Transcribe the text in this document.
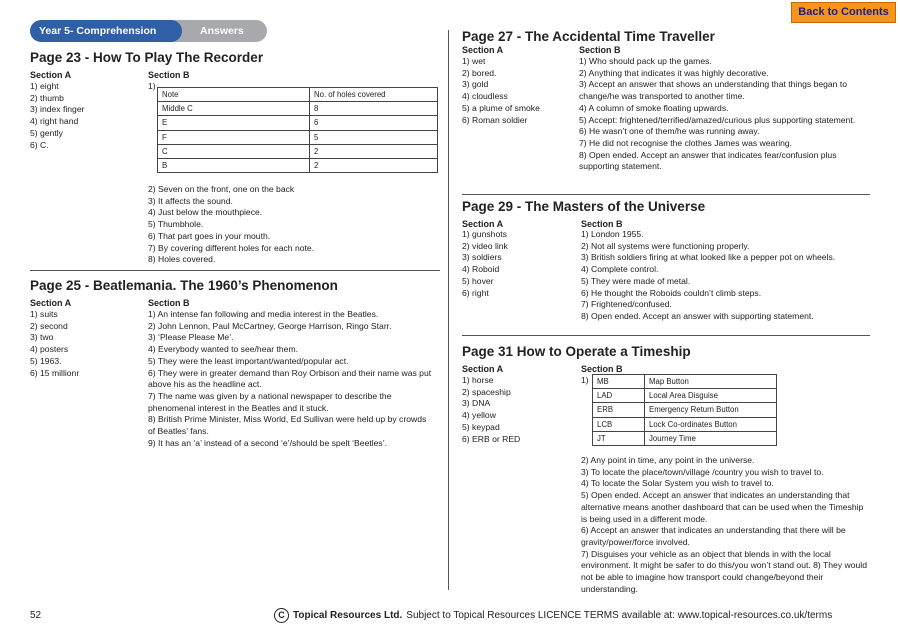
Year 5- Comprehension	Answers
Back to Contents
Page 23 - How To Play The Recorder
Section A	Section B
1) eight
2) thumb
3) index finger
4) right hand
5) gently
6) C.
1)
Note	No. of holes covered
Middle C	8
E	6
F	5
C	2
B	2
2) Seven on the front, one on the back
3) It affects the sound.
4) Just below the mouthpiece.
5) Thumbhole.
6) That part goes in your mouth.
7) By covering different holes for each note.
8) Holes covered.
Page 25 - Beatlemania. The 1960’s Phenomenon
Section A	Section B
1) suits
2) second
3) two
4) posters
5) 1963.
6) 15 millionr
1) An intense fan following and media interest in the Beatles.
2) John Lennon, Paul McCartney, George Harrison, Ringo Starr.
3) ‘Please Please Me’.
4) Everybody wanted to see/hear them.
5) They were the least important/wanted/popular act.
6) They were in greater demand than Roy Orbison and their name was put above his as the headline act.
7) The name was given by a national newspaper to describe the phenomenal interest in the Beatles and it stuck.
8) British Prime Minister, Miss World, Ed Sullivan were held up by crowds of Beatles’ fans.
9) It has an ‘a’ instead of a second ‘e’/should be spelt ‘Beetles’.
Page 27 - The Accidental Time Traveller
Section A	Section B
1) wet
2) bored.
3) gold
4) cloudless
5) a plume of smoke
6) Roman soldier
1) Who should pack up the games.
2) Anything that indicates it was highly decorative.
3) Accept an answer that shows an understanding that things began to change/he was transported to another time.
4) A column of smoke floating upwards.
5) Accept: frightened/terrified/amazed/curious plus supporting statement.
6) He wasn’t one of them/he was running away.
7) He did not recognise the clothes James was wearing.
8) Open ended. Accept an answer that indicates fear/confusion plus supporting statement.
Page 29 - The Masters of the Universe
Section A	Section B
1) gunshots
2) video link
3) soldiers
4) Roboid
5) hover
6) right
1) London 1955.
2) Not all systems were functioning properly.
3) British soldiers firing at what looked like a pepper pot on wheels.
4) Complete control.
5) They were made of metal.
6) He thought the Roboids couldn’t climb steps.
7) Frightened/confused.
8) Open ended. Accept an answer with supporting statement.
Page 31 How to Operate a Timeship
Section A	Section B
1) horse
2) spaceship
3) DNA
4) yellow
5) keypad
6) ERB or RED
1) MB	Map Button
LAD	Local Area Disguise
ERB	Emergency Return Button
LCB	Lock Co-ordinates Button
JT	Journey Time
2) Any point in time, any point in the universe.
3) To locate the place/town/village /country you wish to travel to.
4) To locate the Solar System you wish to travel to.
5) Open ended. Accept an answer that indicates an understanding that alternative means another dashboard that can be used when the Timeship is being used in a different mode.
6) Accept an answer that indicates an understanding that there will be gravity/power/force involved.
7) Disguises your vehicle as an object that blends in with the local environment. It might be safer to do this/you won’t stand out. 8) They would not be able to imagine how transport could change/beyond their understanding.
52	C Topical Resources Ltd. Subject to Topical Resources LICENCE TERMS available at: www.topical-resources.co.uk/terms
